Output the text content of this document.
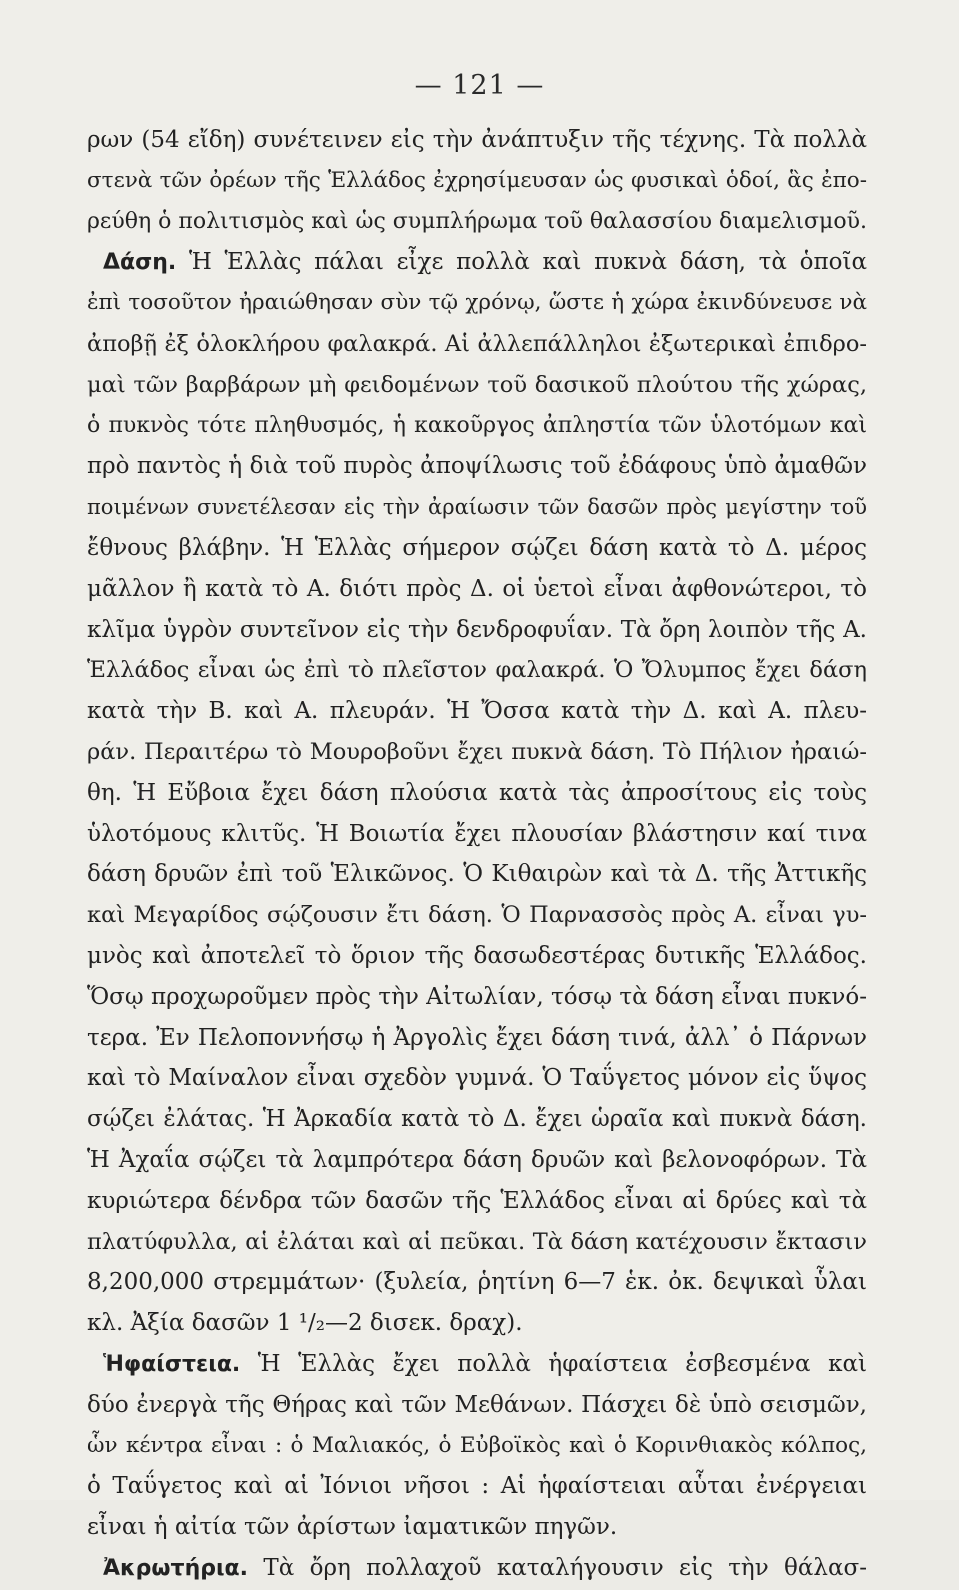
— 121 —
ρων (54 εἴδη) συνέτεινεν εἰς τὴν ἀνάπτυξιν τῆς τέχνης. Τὰ πολλὰ
στενὰ τῶν ὀρέων τῆς Ἑλλάδος ἐχρησίμευσαν ὡς φυσικαὶ ὁδοί, ἃς ἐπο-
ρεύθη ὁ πολιτισμὸς καὶ ὡς συμπλήρωμα τοῦ θαλασσίου διαμελισμοῦ.
Δάση. Ἡ Ἑλλὰς πάλαι εἶχε πολλὰ καὶ πυκνὰ δάση, τὰ ὁποῖα
ἐπὶ τοσοῦτον ἠραιώθησαν σὺν τῷ χρόνῳ, ὥστε ἡ χώρα ἐκινδύνευσε νὰ
ἀποβῇ ἐξ ὁλοκλήρου φαλακρά. Αἱ ἀλλεπάλληλοι ἐξωτερικαὶ ἐπιδρο-
μαὶ τῶν βαρβάρων μὴ φειδομένων τοῦ δασικοῦ πλούτου τῆς χώρας,
ὁ πυκνὸς τότε πληθυσμός, ἡ κακοῦργος ἀπληστία τῶν ὑλοτόμων καὶ
πρὸ παντὸς ἡ διὰ τοῦ πυρὸς ἀποψίλωσις τοῦ ἐδάφους ὑπὸ ἀμαθῶν
ποιμένων συνετέλεσαν εἰς τὴν ἀραίωσιν τῶν δασῶν πρὸς μεγίστην τοῦ
ἔθνους βλάβην. Ἡ Ἑλλὰς σήμερον σῴζει δάση κατὰ τὸ Δ. μέρος
μᾶλλον ἢ κατὰ τὸ Α. διότι πρὸς Δ. οἱ ὑετοὶ εἶναι ἀφθονώτεροι, τὸ
κλῖμα ὑγρὸν συντεῖνον εἰς τὴν δενδροφυΐαν. Τὰ ὄρη λοιπὸν τῆς Α.
Ἑλλάδος εἶναι ὡς ἐπὶ τὸ πλεῖστον φαλακρά. Ὁ Ὄλυμπος ἔχει δάση
κατὰ τὴν Β. καὶ Α. πλευράν. Ἡ Ὄσσα κατὰ τὴν Δ. καὶ Α. πλευ-
ράν. Περαιτέρω τὸ Μουροβοῦνι ἔχει πυκνὰ δάση. Τὸ Πήλιον ἠραιώ-
θη. Ἡ Εὔβοια ἔχει δάση πλούσια κατὰ τὰς ἀπροσίτους εἰς τοὺς
ὑλοτόμους κλιτῦς. Ἡ Βοιωτία ἔχει πλουσίαν βλάστησιν καί τινα
δάση δρυῶν ἐπὶ τοῦ Ἑλικῶνος. Ὁ Κιθαιρὼν καὶ τὰ Δ. τῆς Ἀττικῆς
καὶ Μεγαρίδος σῴζουσιν ἔτι δάση. Ὁ Παρνασσὸς πρὸς Α. εἶναι γυ-
μνὸς καὶ ἀποτελεῖ τὸ ὅριον τῆς δασωδεστέρας δυτικῆς Ἑλλάδος.
Ὅσῳ προχωροῦμεν πρὸς τὴν Αἰτωλίαν, τόσῳ τὰ δάση εἶναι πυκνό-
τερα. Ἐν Πελοποννήσῳ ἡ Ἀργολὶς ἔχει δάση τινά, ἀλλ᾽ ὁ Πάρνων
καὶ τὸ Μαίναλον εἶναι σχεδὸν γυμνά. Ὁ Ταΰγετος μόνον εἰς ὕψος
σῴζει ἐλάτας. Ἡ Ἀρκαδία κατὰ τὸ Δ. ἔχει ὡραῖα καὶ πυκνὰ δάση.
Ἡ Ἀχαΐα σῴζει τὰ λαμπρότερα δάση δρυῶν καὶ βελονοφόρων. Τὰ
κυριώτερα δένδρα τῶν δασῶν τῆς Ἑλλάδος εἶναι αἱ δρύες καὶ τὰ
πλατύφυλλα, αἱ ἐλάται καὶ αἱ πεῦκαι. Τὰ δάση κατέχουσιν ἔκτασιν
8,200,000 στρεμμάτων· (ξυλεία, ῥητίνη 6—7 ἑκ. ὀκ. δεψικαὶ ὗλαι
κλ. Ἀξία δασῶν 1 ¹/₂—2 δισεκ. δραχ).
Ἡφαίστεια. Ἡ Ἑλλὰς ἔχει πολλὰ ἡφαίστεια ἐσβεσμένα καὶ
δύο ἐνεργὰ τῆς Θήρας καὶ τῶν Μεθάνων. Πάσχει δὲ ὑπὸ σεισμῶν,
ὧν κέντρα εἶναι : ὁ Μαλιακός, ὁ Εὐβοϊκὸς καὶ ὁ Κορινθιακὸς κόλπος,
ὁ Ταΰγετος καὶ αἱ Ἰόνιοι νῆσοι : Αἱ ἡφαίστειαι αὗται ἐνέργειαι
εἶναι ἡ αἰτία τῶν ἀρίστων ἰαματικῶν πηγῶν.
Ἀκρωτήρια. Τὰ ὄρη πολλαχοῦ καταλήγουσιν εἰς τὴν θάλασ-
